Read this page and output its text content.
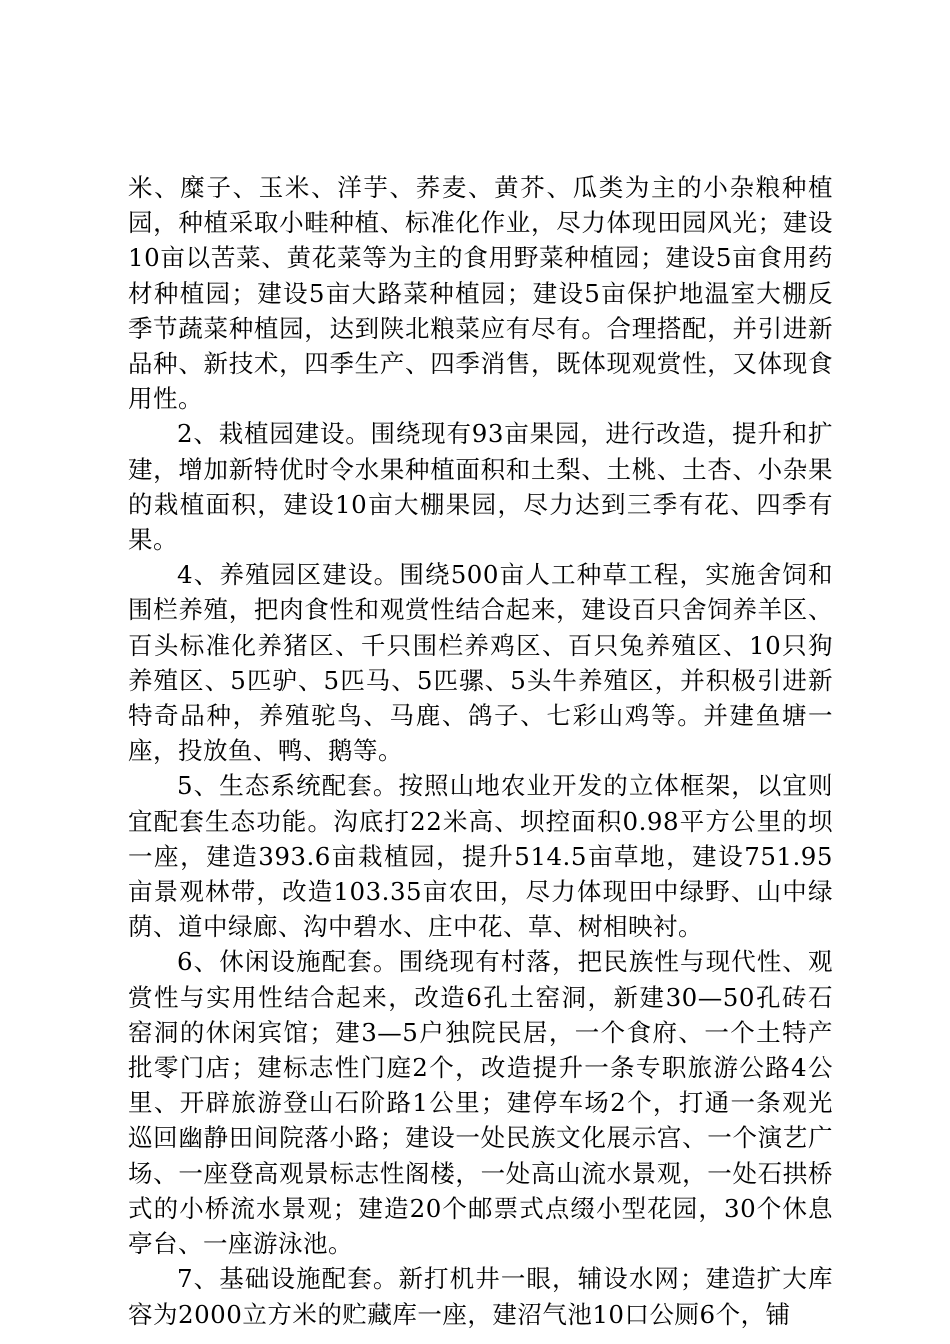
米、糜子、玉米、洋芋、荞麦、黄芥、瓜类为主的小杂粮种植园，种植采取小畦种植、标准化作业，尽力体现田园风光；建设10亩以苦菜、黄花菜等为主的食用野菜种植园；建设5亩食用药材种植园；建设5亩大路菜种植园；建设5亩保护地温室大棚反季节蔬菜种植园，达到陕北粮菜应有尽有。合理搭配，并引进新品种、新技术，四季生产、四季消售，既体现观赏性，又体现食用性。

2、栽植园建设。围绕现有93亩果园，进行改造，提升和扩建，增加新特优时令水果种植面积和土梨、土桃、土杏、小杂果的栽植面积，建设10亩大棚果园，尽力达到三季有花、四季有果。

4、养殖园区建设。围绕500亩人工种草工程，实施舍饲和围栏养殖，把肉食性和观赏性结合起来，建设百只舍饲养羊区、百头标准化养猪区、千只围栏养鸡区、百只兔养殖区、10只狗养殖区、5匹驴、5匹马、5匹骡、5头牛养殖区，并积极引进新特奇品种，养殖驼鸟、马鹿、鸽子、七彩山鸡等。并建鱼塘一座，投放鱼、鸭、鹅等。

5、生态系统配套。按照山地农业开发的立体框架，以宜则宜配套生态功能。沟底打22米高、坝控面积0.98平方公里的坝一座，建造393.6亩栽植园，提升514.5亩草地，建设751.95亩景观林带，改造103.35亩农田，尽力体现田中绿野、山中绿荫、道中绿廊、沟中碧水、庄中花、草、树相映衬。

6、休闲设施配套。围绕现有村落，把民族性与现代性、观赏性与实用性结合起来，改造6孔土窑洞，新建30—50孔砖石窑洞的休闲宾馆；建3—5户独院民居，一个食府、一个土特产批零门店；建标志性门庭2个，改造提升一条专职旅游公路4公里、开辟旅游登山石阶路1公里；建停车场2个，打通一条观光巡回幽静田间院落小路；建设一处民族文化展示宫、一个演艺广场、一座登高观景标志性阁楼，一处高山流水景观，一处石拱桥式的小桥流水景观；建造20个邮票式点缀小型花园，30个休息亭台、一座游泳池。

7、基础设施配套。新打机井一眼，辅设水网；建造扩大库容为2000立方米的贮藏库一座，建沼气池10口公厕6个，铺
